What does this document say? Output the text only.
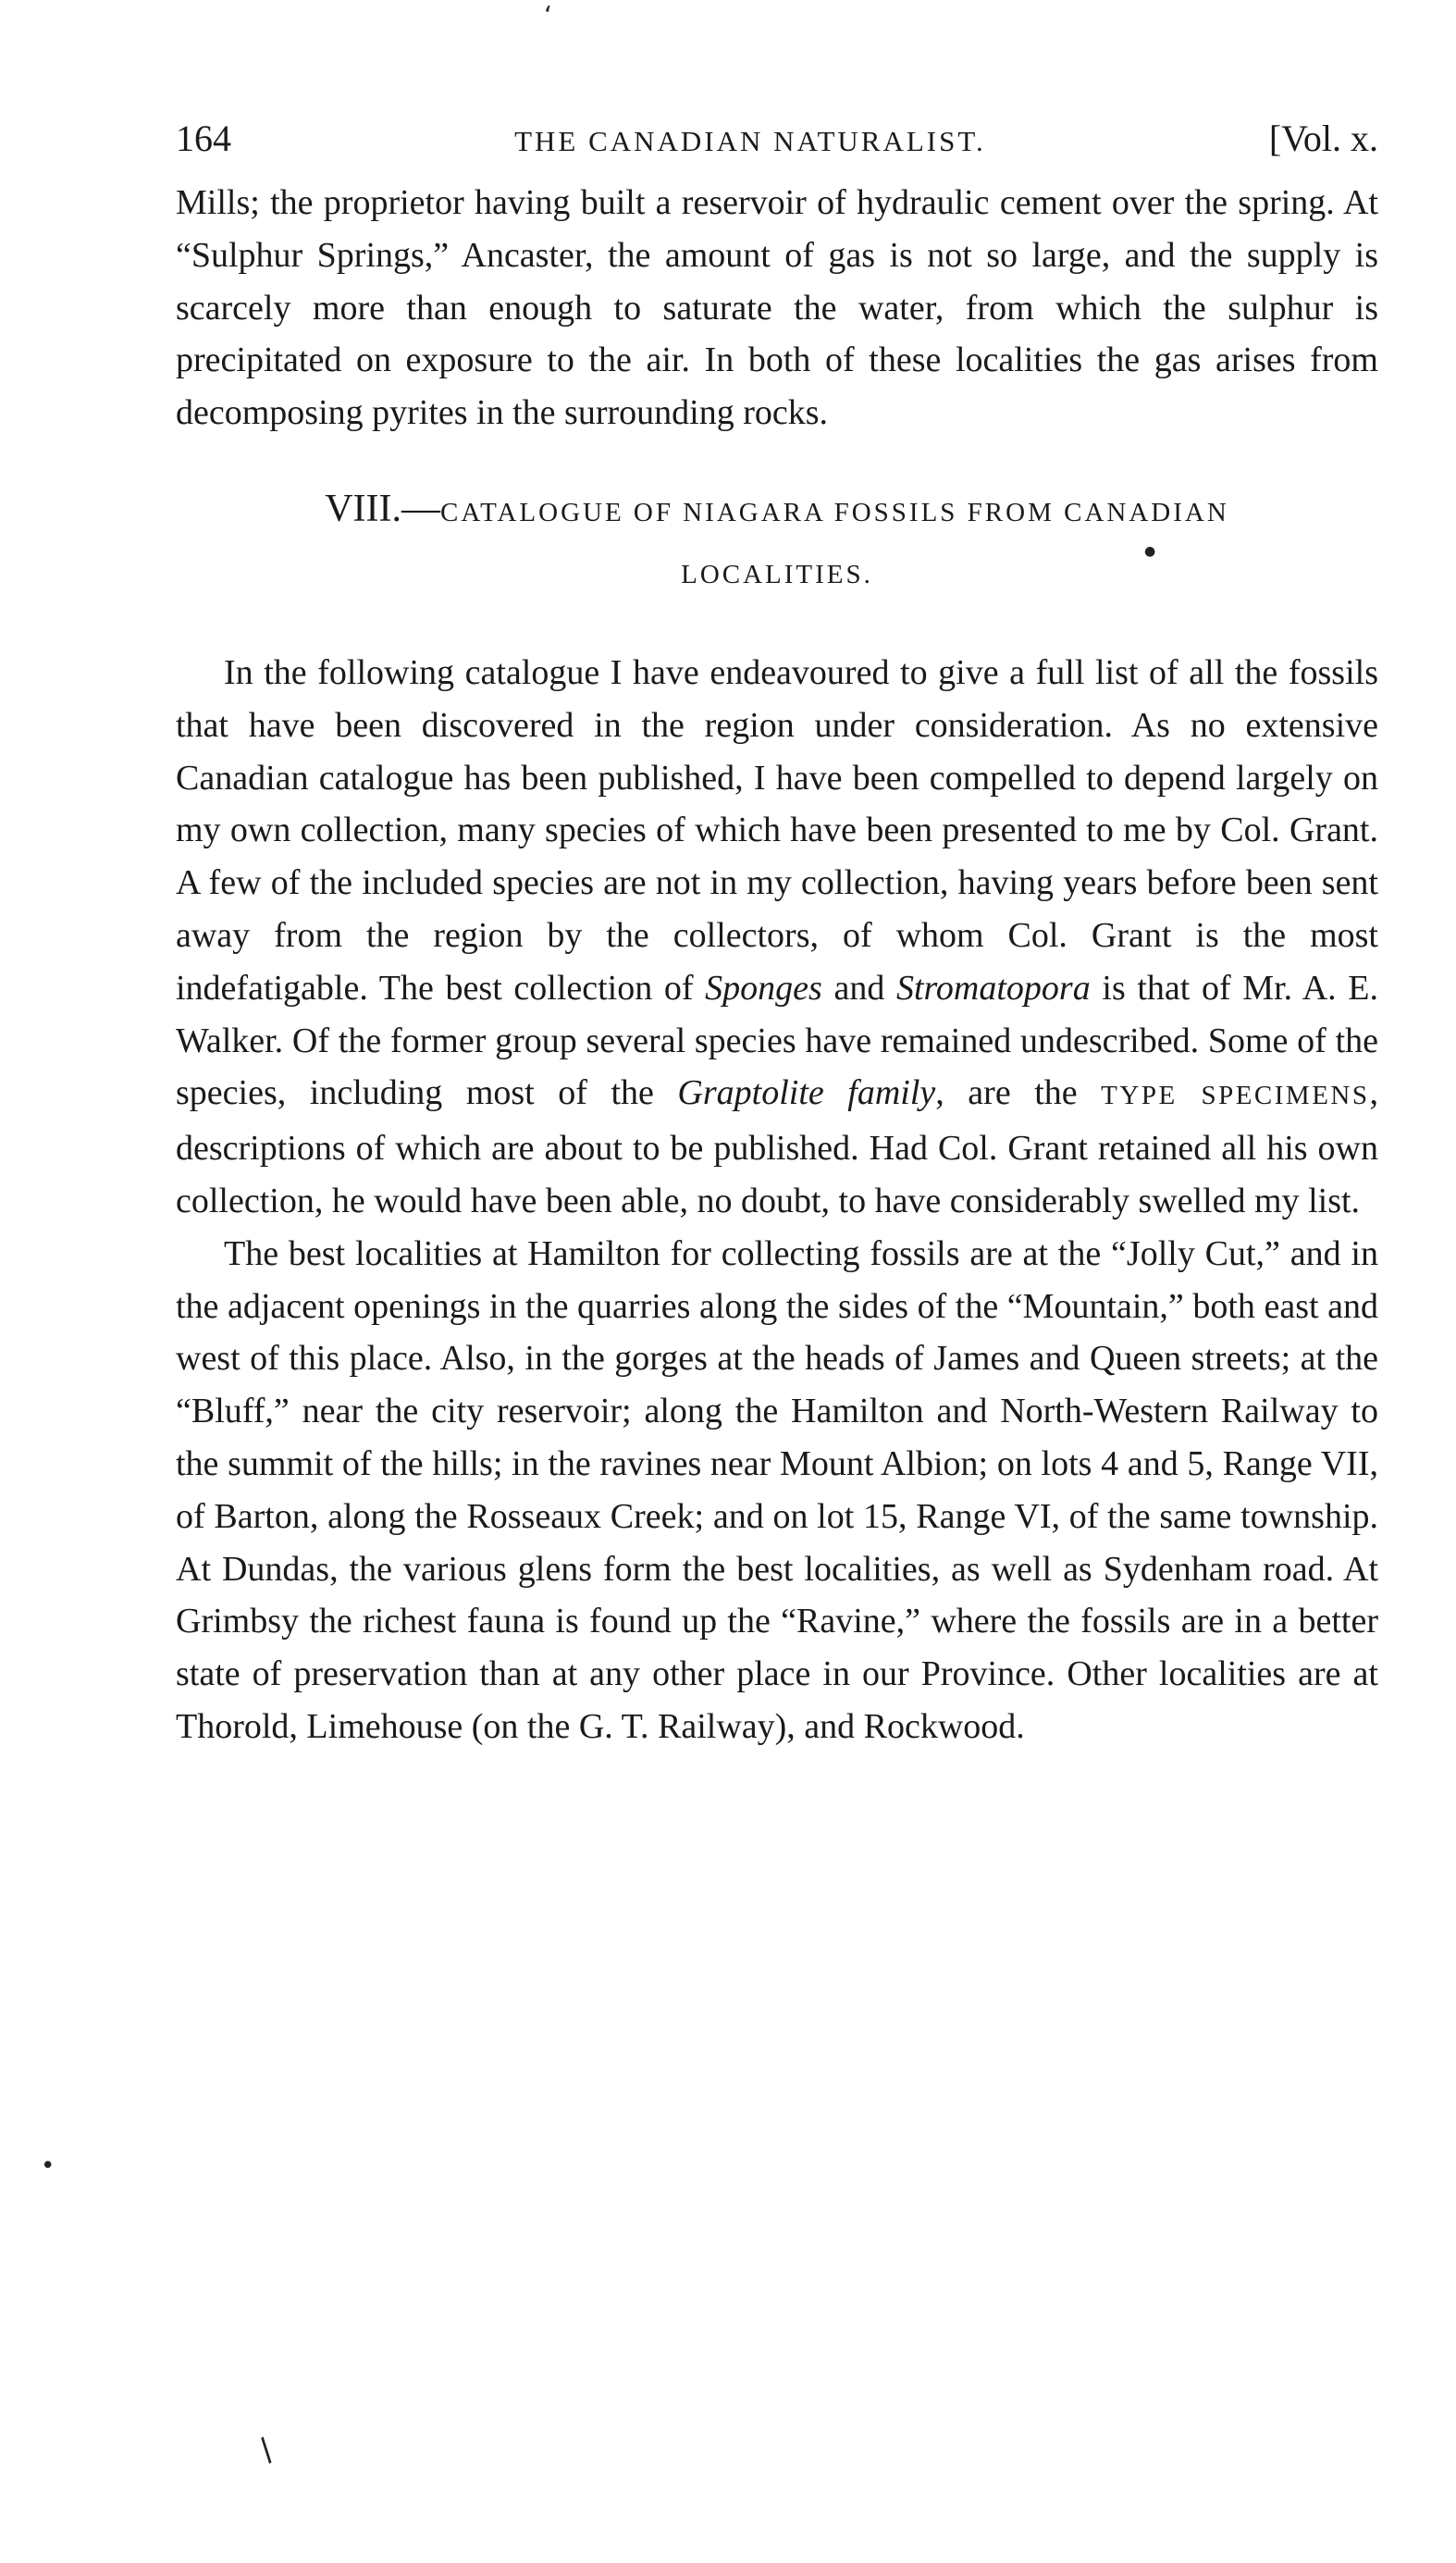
‘
•
●
/
164	THE CANADIAN NATURALIST.	[Vol. x.

Mills; the proprietor having built a reservoir of hydraulic cement over the spring. At “Sulphur Springs,” Ancaster, the amount of gas is not so large, and the supply is scarcely more than enough to saturate the water, from which the sulphur is precipitated on exposure to the air. In both of these localities the gas arises from decomposing pyrites in the surrounding rocks.

VIII.—CATALOGUE OF NIAGARA FOSSILS FROM CANADIAN
LOCALITIES.

In the following catalogue I have endeavoured to give a full list of all the fossils that have been discovered in the region under consideration. As no extensive Canadian catalogue has been published, I have been compelled to depend largely on my own collection, many species of which have been presented to me by Col. Grant. A few of the included species are not in my collection, having years before been sent away from the region by the collectors, of whom Col. Grant is the most indefatigable. The best collection of Sponges and Stromatopora is that of Mr. A. E. Walker. Of the former group several species have remained undescribed. Some of the species, including most of the Graptolite family, are the TYPE SPECIMENS, descriptions of which are about to be published. Had Col. Grant retained all his own collection, he would have been able, no doubt, to have considerably swelled my list.

The best localities at Hamilton for collecting fossils are at the “Jolly Cut,” and in the adjacent openings in the quarries along the sides of the “Mountain,” both east and west of this place. Also, in the gorges at the heads of James and Queen streets; at the “Bluff,” near the city reservoir; along the Hamilton and North-Western Railway to the summit of the hills; in the ravines near Mount Albion; on lots 4 and 5, Range VII, of Barton, along the Rosseaux Creek; and on lot 15, Range VI, of the same township. At Dundas, the various glens form the best localities, as well as Sydenham road. At Grimbsy the richest fauna is found up the “Ravine,” where the fossils are in a better state of preservation than at any other place in our Province. Other localities are at Thorold, Limehouse (on the G. T. Railway), and Rockwood.
